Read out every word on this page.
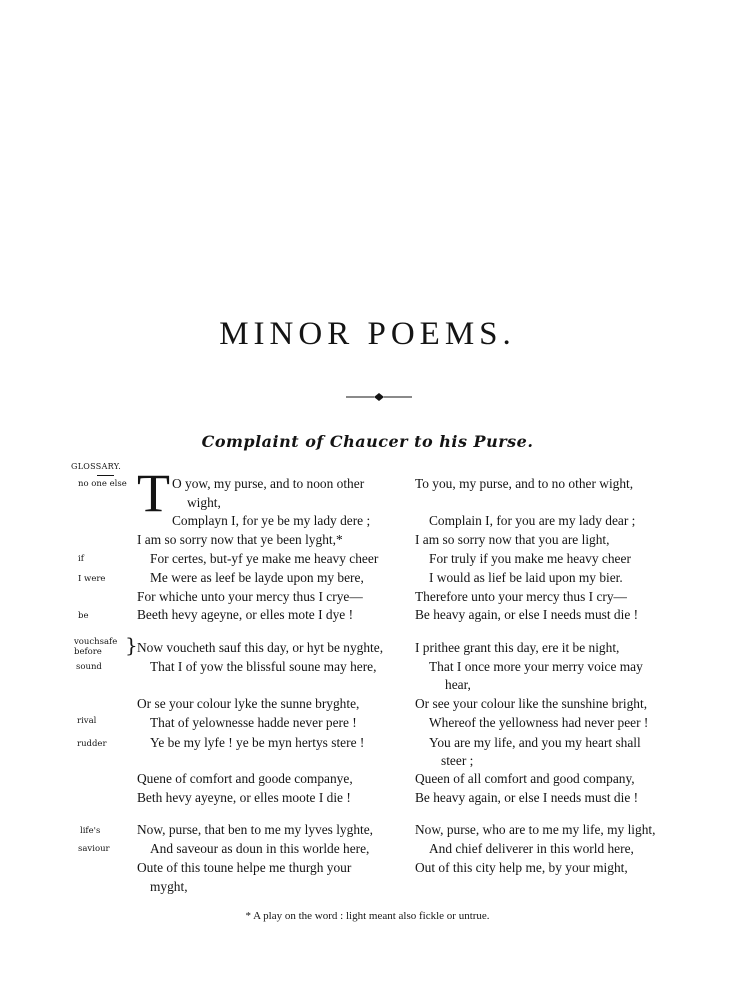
MINOR POEMS.
Complaint of Chaucer to his Purse.
GLOSSARY.
no one else
if
I were
be
vouchsafe
before }
sound
rival
rudder
life's
saviour
T O yow, my purse, and to noon other
wight,
Complayn I, for ye be my lady dere ;
I am so sorry now that ye been lyght,*
For certes, but-yf ye make me heavy cheer
Me were as leef be layde upon my bere,
For whiche unto your mercy thus I crye—
Beeth hevy ageyne, or elles mote I dye !
Now voucheth sauf this day, or hyt be nyghte,
That I of yow the blissful soune may here,
Or se your colour lyke the sunne bryghte,
That of yelownesse hadde never pere !
Ye be my lyfe ! ye be myn hertys stere !
Quene of comfort and goode companye,
Beth hevy ayeyne, or elles moote I die !
Now, purse, that ben to me my lyves lyghte,
And saveour as doun in this worlde here,
Oute of this toune helpe me thurgh your
myght,
To you, my purse, and to no other wight,
Complain I, for you are my lady dear ;
I am so sorry now that you are light,
For truly if you make me heavy cheer
I would as lief be laid upon my bier.
Therefore unto your mercy thus I cry—
Be heavy again, or else I needs must die !
I prithee grant this day, ere it be night,
That I once more your merry voice may
hear,
Or see your colour like the sunshine bright,
Whereof the yellowness had never peer !
You are my life, and you my heart shall
steer ;
Queen of all comfort and good company,
Be heavy again, or else I needs must die !
Now, purse, who are to me my life, my light,
And chief deliverer in this world here,
Out of this city help me, by your might,
* A play on the word : light meant also fickle or untrue.
